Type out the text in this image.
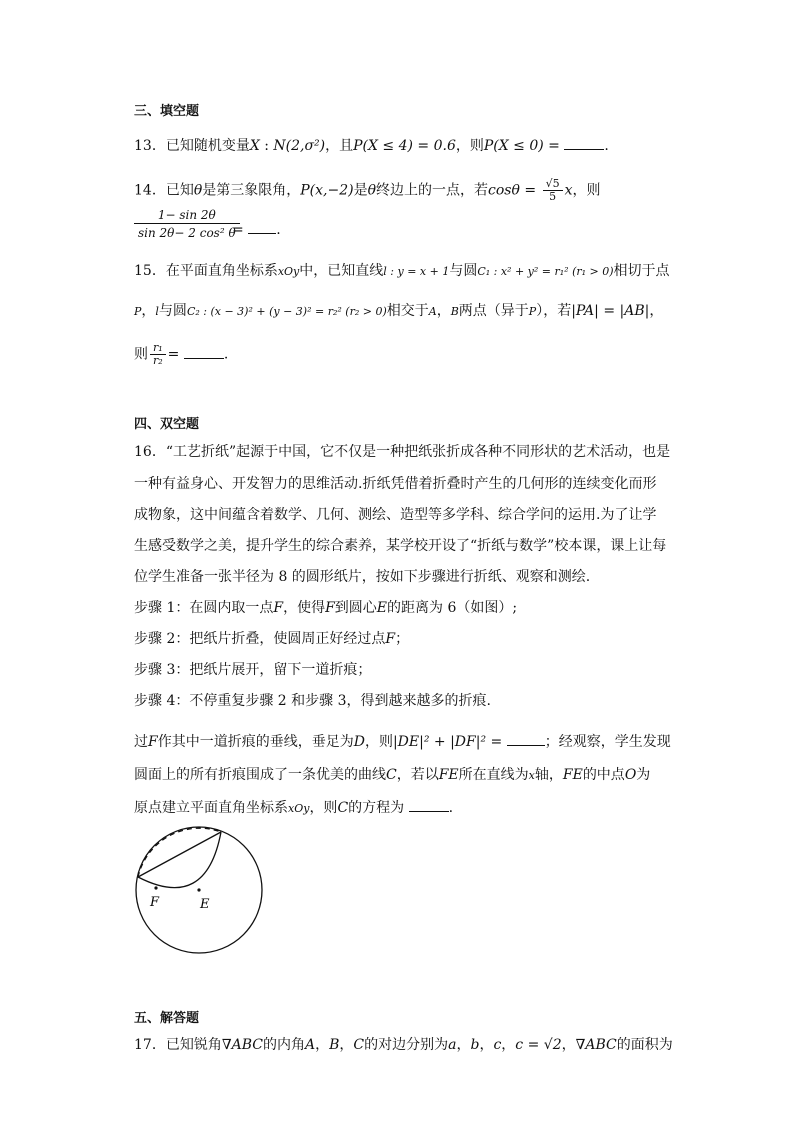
三、填空题
13．已知随机变量X : N(2,σ²)，且P(X ≤ 4) = 0.6，则P(X ≤ 0) =	.
14．已知θ是第三象限角，P(x,−2)是θ终边上的一点，若$\cos\theta = \frac{√5}{5}$ x，则
$\frac{1- \sin 2\theta}{\text{sin 2θ− 2 cos² θ}}$
= .
15．在平面直角坐标系xOy中，已知直线l : y = x + 1与圆C₁ : x² + y² = r₁² (r₁ > 0)相切于点
P，l与圆C₂ : (x − 3)² + (y − 3)² = r₂² (r₂ > 0)相交于A，B两点（异于P），若|PA| = |AB|，
则 $\frac{\text{r₁}}{\text{r₂}}$ =	.
四、双空题
16．“工艺折纸”起源于中国，它不仅是一种把纸张折成各种不同形状的艺术活动，也是
一种有益身心、开发智力的思维活动.折纸凭借着折叠时产生的几何形的连续变化而形
成物象，这中间蕴含着数学、几何、测绘、造型等多学科、综合学问的运用.为了让学
生感受数学之美，提升学生的综合素养，某学校开设了“折纸与数学”校本课，课上让每
位学生准备一张半径为 8 的圆形纸片，按如下步骤进行折纸、观察和测绘.
步骤 1：在圆内取一点F，使得F到圆心E的距离为 6（如图）;
步骤 2：把纸片折叠，使圆周正好经过点F；
步骤 3：把纸片展开，留下一道折痕；
步骤 4：不停重复步骤 2 和步骤 3，得到越来越多的折痕.
过F作其中一道折痕的垂线，垂足为D，则|DE|² + |DF|² =	；经观察，学生发现
圆面上的所有折痕围成了一条优美的曲线C，若以FE所在直线为x轴，FE的中点O为
原点建立平面直角坐标系xOy，则C的方程为	.
F	E
五、解答题
17．已知锐角∇ABC的内角A，B，C的对边分别为a，b，c，c = √2，∇ABC的面积为
